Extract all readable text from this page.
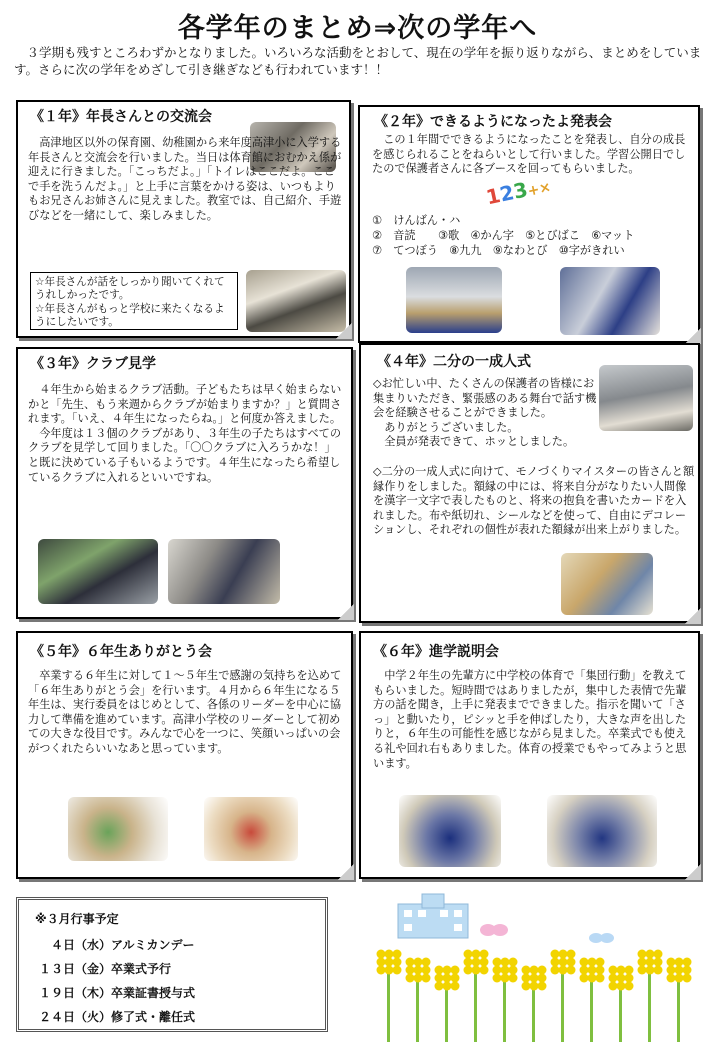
各学年のまとめ⇒次の学年へ
　３学期も残すところわずかとなりました。いろいろな活動をとおして、現在の学年を振り返りながら、まとめをしています。さらに次の学年をめざして引き継ぎなども行われています！！
《１年》年長さんとの交流会
　高津地区以外の保育園、幼稚園から来年度高津小に入学する年長さんと交流会を行いました。当日は体育館におむかえ係が迎えに行きました。「こっちだよ。」「トイレはここだよ。ここで手を洗うんだよ。」と上手に言葉をかける姿は、いつもよりもお兄さんお姉さんに見えました。教室では、自己紹介、手遊びなどを一緒にして、楽しみました。
☆年長さんが話をしっかり聞いてくれてうれしかったです。
☆年長さんがもっと学校に来たくなるようにしたいです。
《２年》できるようになったよ発表会
　この１年間でできるようになったことを発表し、自分の成長を感じられることをねらいとして行いました。学習公開日でしたので保護者さんに各ブースを回ってもらいました。
①　けんばん・ハ
②　音読　　③歌　④かん字　⑤とびばこ　⑥マット
⑦　てつぼう　⑧九九　⑨なわとび　⑩字がきれい
123+×
《３年》クラブ見学
　４年生から始まるクラブ活動。子どもたちは早く始まらないかと「先生、もう来週からクラブが始まりますか？」と質問されます。「いえ、４年生になったらね。」と何度か答えました。
　今年度は１３個のクラブがあり、３年生の子たちはすべてのクラブを見学して回りました。「〇〇クラブに入ろうかな！」と既に決めている子もいるようです。４年生になったら希望しているクラブに入れるといいですね。
《４年》二分の一成人式
◇お忙しい中、たくさんの保護者の皆様にお集まりいただき、緊張感のある舞台で話す機会を経験させることができました。
　ありがとうございました。
　全員が発表できて、ホッとしました。
◇二分の一成人式に向けて、モノづくりマイスターの皆さんと額縁作りをしました。額縁の中には、将来自分がなりたい人間像を漢字一文字で表したものと、将来の抱負を書いたカードを入れました。布や紙切れ、シールなどを使って、自由にデコレーションし、それぞれの個性が表れた額縁が出来上がりました。
《５年》６年生ありがとう会
　卒業する６年生に対して１～５年生で感謝の気持ちを込めて「６年生ありがとう会」を行います。４月から６年生になる５年生は、実行委員をはじめとして、各係のリーダーを中心に協力して準備を進めています。高津小学校のリーダーとして初めての大きな役目です。みんなで心を一つに、笑顔いっぱいの会がつくれたらいいなあと思っています。
《６年》進学説明会
　中学２年生の先輩方に中学校の体育で「集団行動」を教えてもらいました。短時間ではありましたが，集中した表情で先輩方の話を聞き，上手に発表までできました。指示を聞いて「さっ」と動いたり，ピシッと手を伸ばしたり，大きな声を出したりと，６年生の可能性を感じながら見ました。卒業式でも使える礼や回れ右もありました。体育の授業でもやってみようと思います。
※３月行事予定
　４日（水）アルミカンデー
１３日（金）卒業式予行
１９日（木）卒業証書授与式
２４日（火）修了式・離任式
